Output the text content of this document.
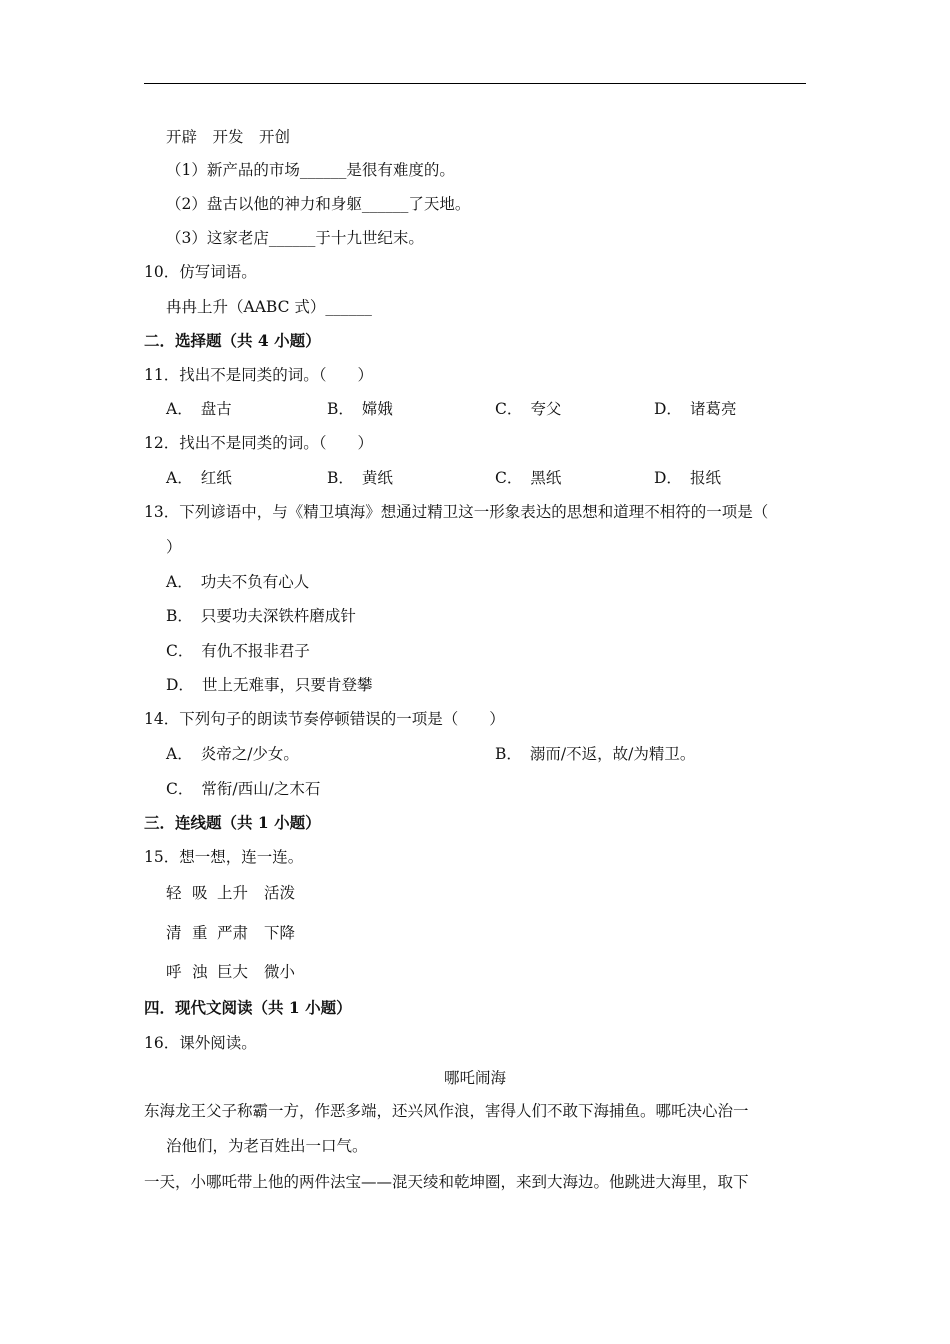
开辟　开发　开创
（1）新产品的市场______是很有难度的。
（2）盘古以他的神力和身躯______了天地。
（3）这家老店______于十九世纪末。
10．仿写词语。
冉冉上升（AABC 式）______
二．选择题（共 4 小题）
11．找出不是同类的词。（　　）
A． 盘古	B． 嫦娥	C． 夸父	D． 诸葛亮
12．找出不是同类的词。（　　）
A． 红纸	B． 黄纸	C． 黑纸	D． 报纸
13．下列谚语中，与《精卫填海》想通过精卫这一形象表达的思想和道理不相符的一项是（
）
A． 功夫不负有心人
B． 只要功夫深铁杵磨成针
C． 有仇不报非君子
D． 世上无难事，只要肯登攀
14．下列句子的朗读节奏停顿错误的一项是（　　）
A． 炎帝之/少女。	B． 溺而/不返，故/为精卫。
C． 常衔/西山/之木石
三．连线题（共 1 小题）
15．想一想，连一连。
轻 吸 上升 活泼
清 重 严肃 下降
呼 浊 巨大 微小
四．现代文阅读（共 1 小题）
16．课外阅读。
哪吒闹海
东海龙王父子称霸一方，作恶多端，还兴风作浪，害得人们不敢下海捕鱼。哪吒决心治一
治他们，为老百姓出一口气。
一天，小哪吒带上他的两件法宝——混天绫和乾坤圈，来到大海边。他跳进大海里，取下
